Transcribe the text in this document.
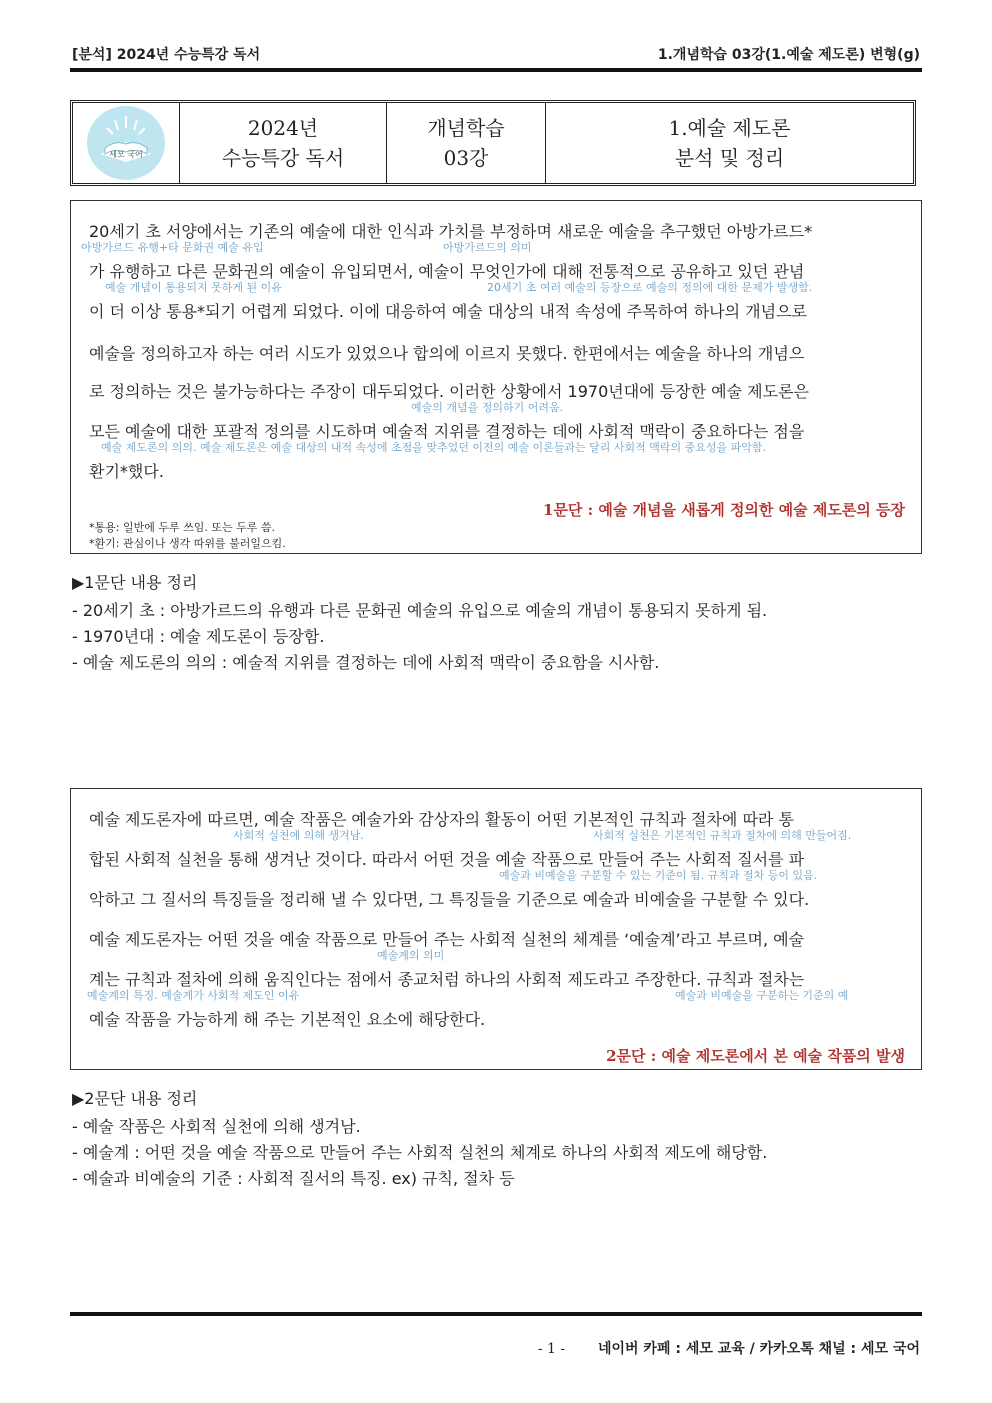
[분석] 2024년 수능특강 독서	1.개념학습 03강(1.예술 제도론) 변형(g)
세모 국어

2024년
수능특강 독서

개념학습
03강

1.예술 제도론
분석 및 정리
20세기 초 서양에서는 기존의 예술에 대한 인식과 가치를 부정하며 새로운 예술을 추구했던 아방가르드*
아방가르드 유행+타 문화권 예술 유입	아방가르드의 의미
가 유행하고 다른 문화권의 예술이 유입되면서, 예술이 무엇인가에 대해 전통적으로 공유하고 있던 관념
예술 개념이 통용되지 못하게 된 이유	20세기 초 여러 예술의 등장으로 예술의 정의에 대한 문제가 발생함.
이 더 이상 통용*되기 어렵게 되었다. 이에 대응하여 예술 대상의 내적 속성에 주목하여 하나의 개념으로
예술을 정의하고자 하는 여러 시도가 있었으나 합의에 이르지 못했다. 한편에서는 예술을 하나의 개념으
로 정의하는 것은 불가능하다는 주장이 대두되었다. 이러한 상황에서 1970년대에 등장한 예술 제도론은
예술의 개념을 정의하기 어려움.
모든 예술에 대한 포괄적 정의를 시도하며 예술적 지위를 결정하는 데에 사회적 맥락이 중요하다는 점을
예술 제도론의 의의. 예술 제도론은 예술 대상의 내적 속성에 초점을 맞추었던 이전의 예술 이론들과는 달리 사회적 맥락의 중요성을 파악함.
환기*했다.
1문단 : 예술 개념을 새롭게 정의한 예술 제도론의 등장
*통용: 일반에 두루 쓰임. 또는 두루 씀.
*환기: 관심이나 생각 따위를 불러일으킴.
▶1문단 내용 정리
- 20세기 초 : 아방가르드의 유행과 다른 문화권 예술의 유입으로 예술의 개념이 통용되지 못하게 됨.
- 1970년대 : 예술 제도론이 등장함.
- 예술 제도론의 의의 : 예술적 지위를 결정하는 데에 사회적 맥락이 중요함을 시사함.
예술 제도론자에 따르면, 예술 작품은 예술가와 감상자의 활동이 어떤 기본적인 규칙과 절차에 따라 통
사회적 실천에 의해 생겨남.	사회적 실천은 기본적인 규칙과 절차에 의해 만들어짐.
합된 사회적 실천을 통해 생겨난 것이다. 따라서 어떤 것을 예술 작품으로 만들어 주는 사회적 질서를 파
예술과 비예술을 구분할 수 있는 기준이 됨. 규칙과 절차 등이 있음.
악하고 그 질서의 특징들을 정리해 낼 수 있다면, 그 특징들을 기준으로 예술과 비예술을 구분할 수 있다.
예술 제도론자는 어떤 것을 예술 작품으로 만들어 주는 사회적 실천의 체계를 ‘예술계’라고 부르며, 예술
예술계의 의미
계는 규칙과 절차에 의해 움직인다는 점에서 종교처럼 하나의 사회적 제도라고 주장한다. 규칙과 절차는
예술계의 특징. 예술계가 사회적 제도인 이유	예술과 비예술을 구분하는 기준의 예
예술 작품을 가능하게 해 주는 기본적인 요소에 해당한다.
2문단 : 예술 제도론에서 본 예술 작품의 발생
▶2문단 내용 정리
- 예술 작품은 사회적 실천에 의해 생겨남.
- 예술계 : 어떤 것을 예술 작품으로 만들어 주는 사회적 실천의 체계로 하나의 사회적 제도에 해당함.
- 예술과 비예술의 기준 : 사회적 질서의 특징. ex) 규칙, 절차 등
- 1 - 네이버 카페 : 세모 교육 / 카카오톡 채널 : 세모 국어
